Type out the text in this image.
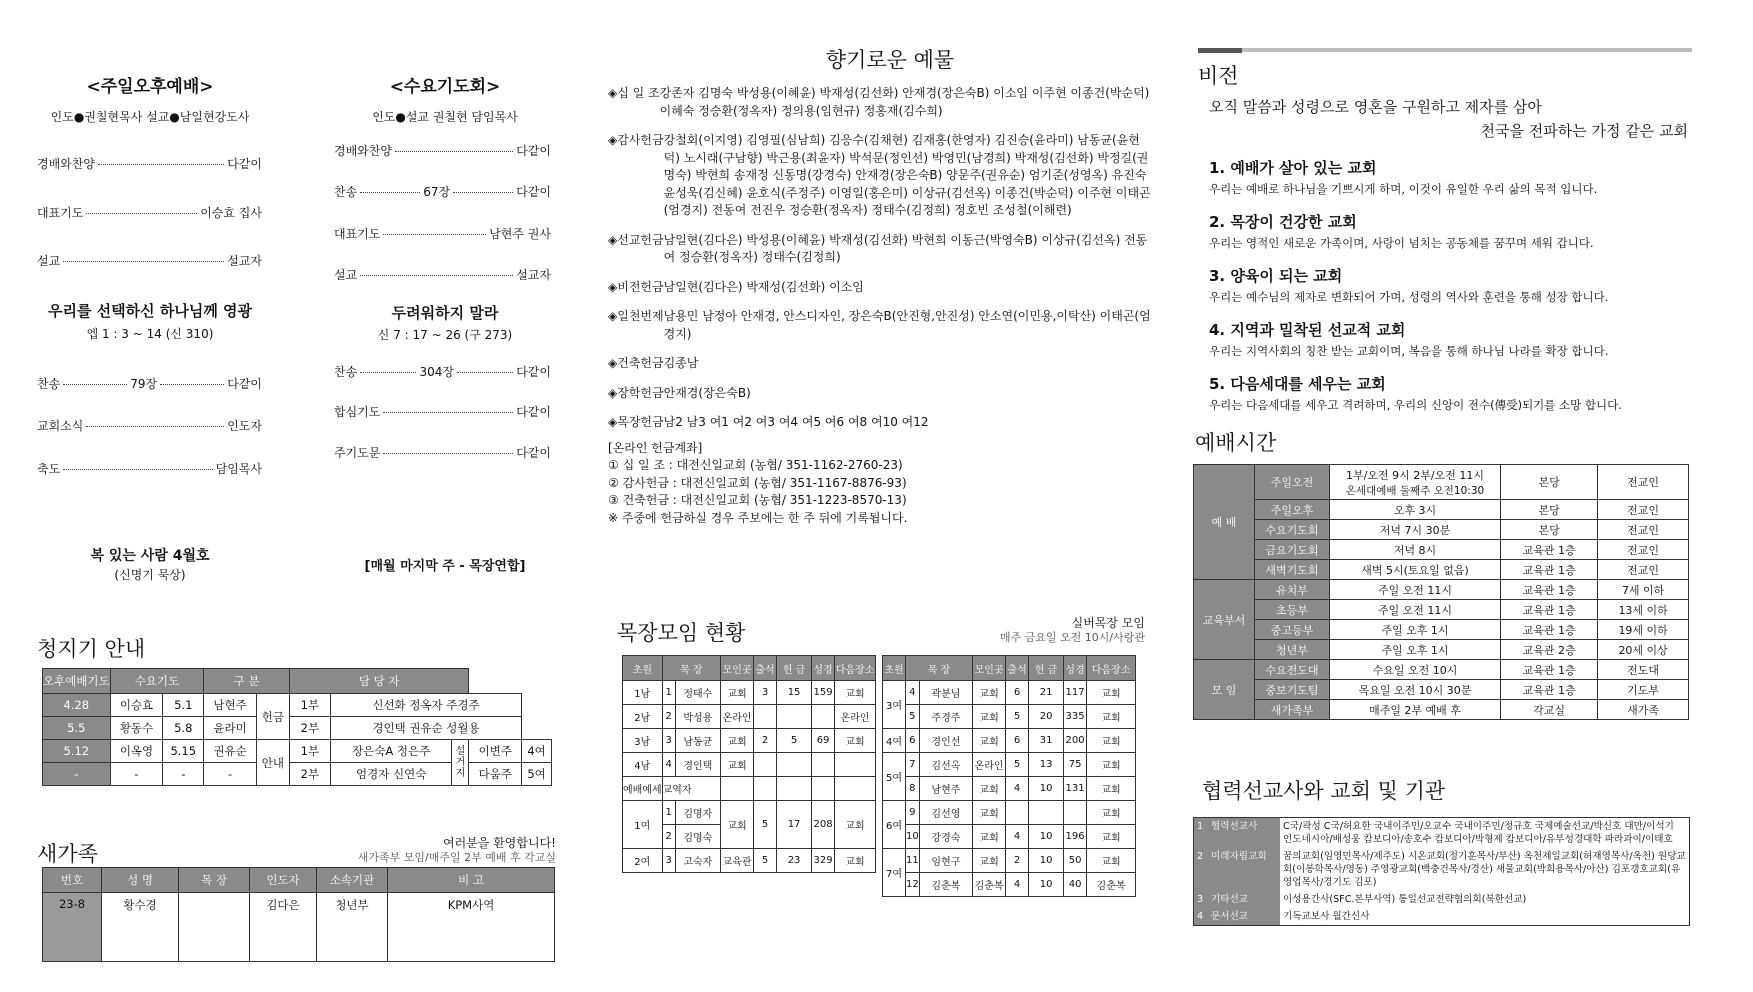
<주일오후예배>
인도●권칠현목사 설교●남일현강도사
경배와찬양	다같이
대표기도	이승효 집사
설교	설교자
우리를 선택하신 하나님께 영광
엡 1 : 3 ~ 14 (신 310)
찬송	79장	다같이
교회소식	인도자
축도	담임목사
복 있는 사람 4월호
(신명기 묵상)
<수요기도회>
인도●설교 권칠현 담임목사
경배와찬양	다같이
찬송	67장	다같이
대표기도	남현주 권사
설교	설교자
두려워하지 말라
신 7 : 17 ~ 26 (구 273)
찬송	304장	다같이
합심기도	다같이
주기도문	다같이
[매월 마지막 주 - 목장연합]
청지기 안내
오후예배기도	수요기도		구 분		담 당 자				
4.28	이승효	5.1	남현주	헌금	1부	신선화 정옥자 주경주			
5.5	황동수	5.8	윤라미		2부	경인택 권유순 성월용			
5.12	이옥영	5.15	권유순	안내	1부	장은숙A 정은주	설거지	이변주	4여
-	-	-	-		2부	엄경자 신연숙		다움주	5여
새가족	여러분을 환영합니다!
새가족부 모임/매주일 2부 예배 후 각교실
번호	성 명	목 장	인도자	소속기관	비 고
23-8	황수경		김다은	청년부	KPM사역
향기로운 예물
◈십 일 조 강존자 김명숙 박성용(이혜윤) 박재성(김선화) 안재경(장은숙B) 이소임 이주현 이종건(박순덕) 이혜숙 정승환(정옥자) 정의용(임현규) 정홍재(김수희)
◈감사헌금 강철회(이지영) 김영필(심남희) 김응수(김채현) 김재홍(한영자) 김진승(윤라미) 남동균(윤현덕) 노시래(구남향) 박근용(최윤자) 박석문(정인선) 박영민(남경희) 박재성(김선화) 박정길(권명숙) 박현희 송재정 신동명(강경숙) 안재경(장은숙B) 양문주(권유순) 엄기준(성영옥) 유진숙 윤성욱(김신혜) 윤호식(주정주) 이영일(홍은미) 이상규(김선옥) 이종건(박순덕) 이주현 이태곤(엄경지) 전동여 전진우 정승환(정옥자) 정태수(김정희) 정호빈 조성철(이해련)
◈선교헌금 남일현(김다은) 박성용(이혜윤) 박재성(김선화) 박현희 이동근(박영숙B) 이상규(김선옥) 전동여 정승환(정옥자) 정태수(김정희)
◈비전헌금 남일현(김다은) 박재성(김선화) 이소임
◈일천번제 남용민 남정아 안재경, 안스디자인, 장은숙B(안진형,안진성) 안소연(이민용,이탁산) 이태곤(엄경지)
◈건축헌금 김종남
◈장학헌금 안재경(장은숙B)
◈목장헌금 남2 남3 여1 여2 여3 여4 여5 여6 여8 여10 여12
[온라인 헌금계좌]
① 십 일 조 : 대전신일교회 (농협/ 351-1162-2760-23)
② 감사헌금 : 대전신일교회 (농협/ 351-1167-8876-93)
③ 건축헌금 : 대전신일교회 (농협/ 351-1223-8570-13)
※ 주중에 헌금하실 경우 주보에는 한 주 뒤에 기록됩니다.
목장모임 현황	실버목장 모임
매주 금요일 오전 10시/사랑관
초원	목 장		모인곳	출석	헌 금	성경	다음장소
1남	1	정태수	교회	3	15	159	교회
2남	2	박성용	온라인				온라인
3남	3	남동균	교회	2	5	69	교회
4남	4	경인택	교회				
예배예세	교역자						
1여	1	김명자	교회	5	17	208	교회
	2	김명숙					
2여	3	고숙자	교육관	5	23	329	교회
초원	목 장		모인곳	출석	헌 금	성경	다음장소
3여	4	곽분님	교회	6	21	117	교회
	5	주경주	교회	5	20	335	교회
4여	6	경인선	교회	6	31	200	교회
5여	7	김선옥	온라인	5	13	75	교회
	8	남현주	교회	4	10	131	교회
6여	9	김선영	교회				교회
	10	강경숙	교회	4	10	196	교회
7여	11	임현구	교회	2	10	50	교회
	12	김춘복	김춘복	4	10	40	김춘복
비전
오직 말씀과 성령으로 영혼을 구원하고 제자를 삼아
천국을 전파하는 가정 같은 교회
1. 예배가 살아 있는 교회
우리는 예배로 하나님을 기쁘시게 하며, 이것이 유일한 우리 삶의 목적 입니다.
2. 목장이 건강한 교회
우리는 영적인 새로운 가족이며, 사랑이 넘치는 공동체를 꿈꾸며 세워 갑니다.
3. 양육이 되는 교회
우리는 예수님의 제자로 변화되어 가며, 성령의 역사와 훈련을 통해 성장 합니다.
4. 지역과 밀착된 선교적 교회
우리는 지역사회의 칭찬 받는 교회이며, 복음을 통해 하나님 나라를 확장 합니다.
5. 다음세대를 세우는 교회
우리는 다음세대를 세우고 격려하며, 우리의 신앙이 전수(傳受)되기를 소망 합니다.
예배시간
예 배	주일오전	1부/오전 9시 2부/오전 11시
온세대예배 둘째주 오전10:30	본당	전교인
	주일오후	오후 3시	본당	전교인
	수요기도회	저녁 7시 30분	본당	전교인
	금요기도회	저녁 8시	교육관 1층	전교인
	새벽기도회	새벽 5시(토요일 없음)	교육관 1층	전교인
교육부서	유치부	주일 오전 11시	교육관 1층	7세 이하
	초등부	주일 오전 11시	교육관 1층	13세 이하
	중고등부	주일 오후 1시	교육관 1층	19세 이하
	청년부	주일 오후 1시	교육관 2층	20세 이상
모 임	수요전도대	수요일 오전 10시	교육관 1층	전도대
	중보기도팀	목요일 오전 10시 30분	교육관 1층	기도부
	새가족부	매주일 2부 예배 후	각교실	새가족
협력선교사와 교회 및 기관
1	협력선교사	C국/곽성 C국/허요한 국내이주민/오교수 국내이주민/정규호 국제예술선교/박신호 대만/이석기 인도네시아/배성웅 캄보디아/송호수 캄보디아/박형제 캄보디아/유부성경대학 파라과이/이태호
2	미래자립교회	꿈의교회(임영민목사/제주도) 시온교회(정기훈목사/부산) 옥천제일교회(허재영목사/옥천) 원당교회(이봉학목사/영동) 주영광교회(백충건목사/경산) 새물교회(박희용목사/아산) 김포갱호교회(유영업목사/경기도 김포)
3	기타선교	이성용간사(SFC.본부사역) 통일선교전략협의회(북한선교)
4	문서선교	기독교보사 월간신사
